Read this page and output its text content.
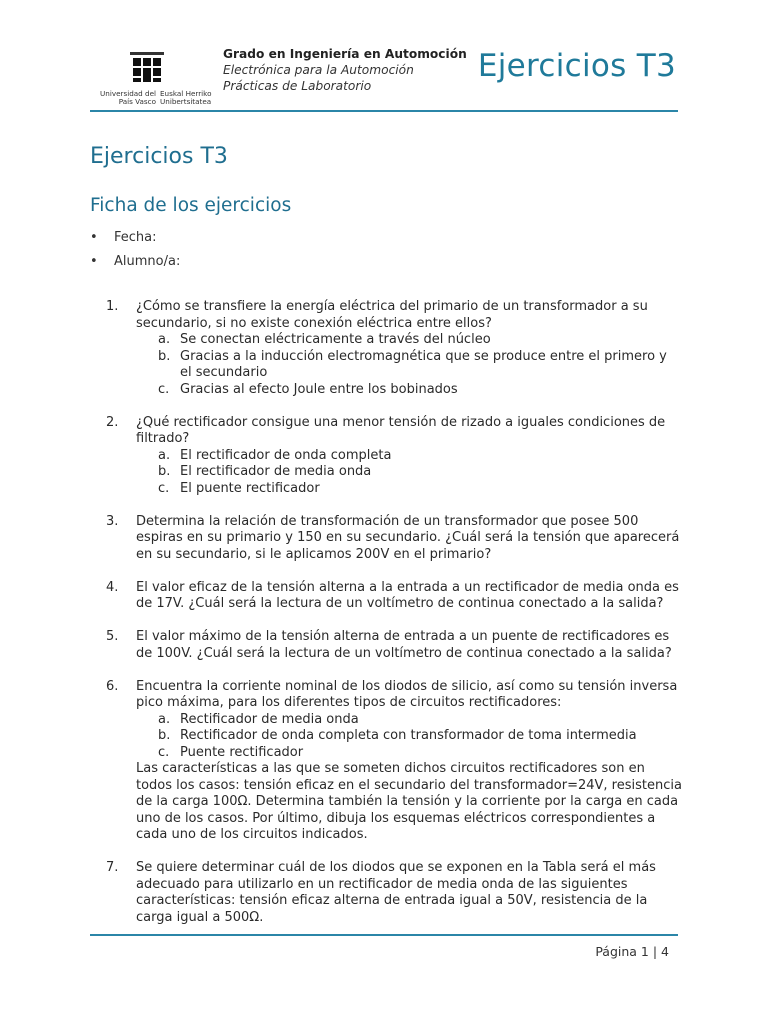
Universidad del País Vasco
Euskal Herriko Unibertsitatea
Grado en Ingeniería en Automoción
Electrónica para la Automoción
Prácticas de Laboratorio
Ejercicios T3
Ejercicios T3
Ficha de los ejercicios
• Fecha:
• Alumno/a:
1. ¿Cómo se transfiere la energía eléctrica del primario de un transformador a su secundario, si no existe conexión eléctrica entre ellos?
a. Se conectan eléctricamente a través del núcleo
b. Gracias a la inducción electromagnética que se produce entre el primero y el secundario
c. Gracias al efecto Joule entre los bobinados
2. ¿Qué rectificador consigue una menor tensión de rizado a iguales condiciones de filtrado?
a. El rectificador de onda completa
b. El rectificador de media onda
c. El puente rectificador
3. Determina la relación de transformación de un transformador que posee 500 espiras en su primario y 150 en su secundario. ¿Cuál será la tensión que aparecerá en su secundario, si le aplicamos 200V en el primario?
4. El valor eficaz de la tensión alterna a la entrada a un rectificador de media onda es de 17V. ¿Cuál será la lectura de un voltímetro de continua conectado a la salida?
5. El valor máximo de la tensión alterna de entrada a un puente de rectificadores es de 100V. ¿Cuál será la lectura de un voltímetro de continua conectado a la salida?
6. Encuentra la corriente nominal de los diodos de silicio, así como su tensión inversa pico máxima, para los diferentes tipos de circuitos rectificadores:
a. Rectificador de media onda
b. Rectificador de onda completa con transformador de toma intermedia
c. Puente rectificador
Las características a las que se someten dichos circuitos rectificadores son en todos los casos: tensión eficaz en el secundario del transformador=24V, resistencia de la carga 100Ω. Determina también la tensión y la corriente por la carga en cada uno de los casos. Por último, dibuja los esquemas eléctricos correspondientes a cada uno de los circuitos indicados.
7. Se quiere determinar cuál de los diodos que se exponen en la Tabla será el más adecuado para utilizarlo en un rectificador de media onda de las siguientes características: tensión eficaz alterna de entrada igual a 50V, resistencia de la carga igual a 500Ω.
Página 1 | 4
